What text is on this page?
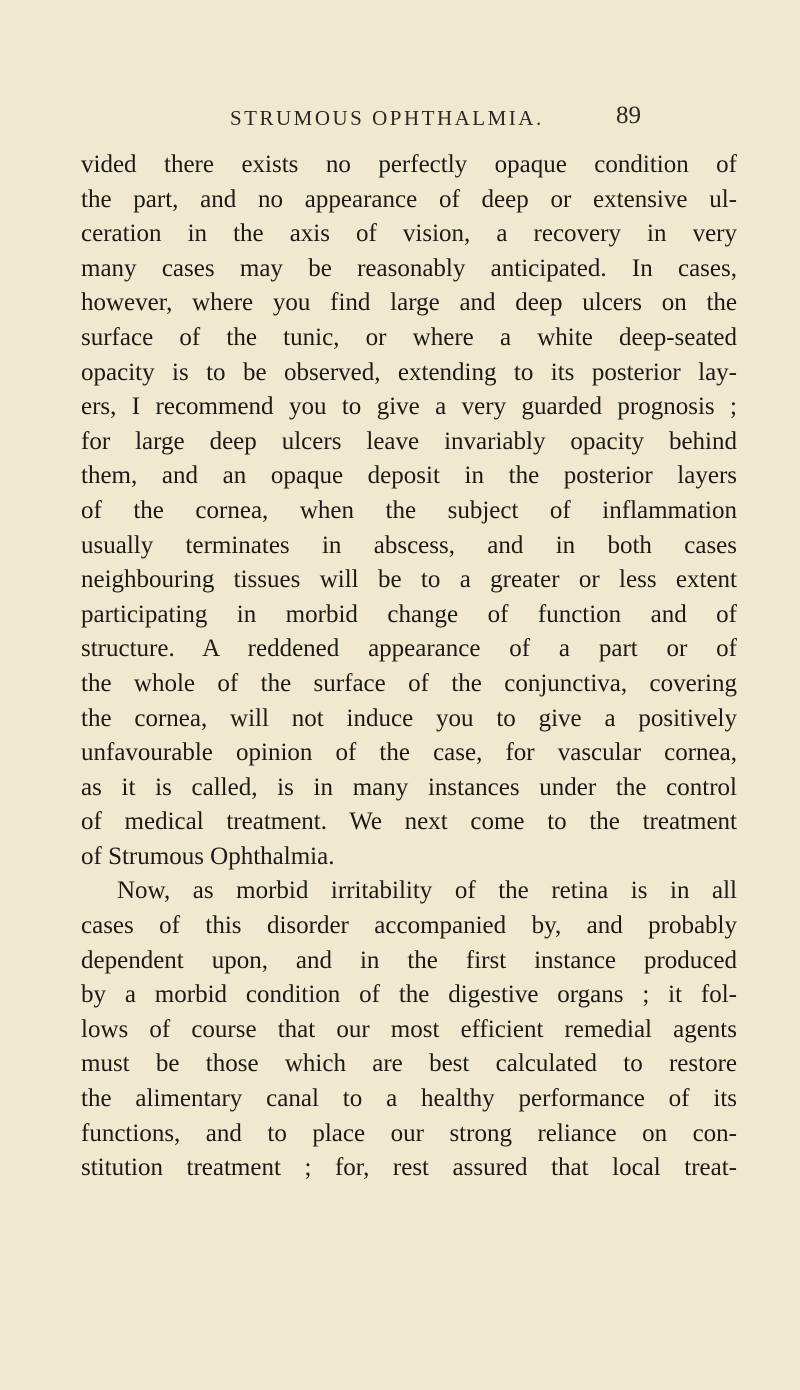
STRUMOUS OPHTHALMIA.	89
vided there exists no perfectly opaque condition of
the part, and no appearance of deep or extensive ul-
ceration in the axis of vision, a recovery in very
many cases may be reasonably anticipated. In cases,
however, where you find large and deep ulcers on the
surface of the tunic, or where a white deep-seated
opacity is to be observed, extending to its posterior lay-
ers, I recommend you to give a very guarded prognosis ;
for large deep ulcers leave invariably opacity behind
them, and an opaque deposit in the posterior layers
of the cornea, when the subject of inflammation
usually terminates in abscess, and in both cases
neighbouring tissues will be to a greater or less extent
participating in morbid change of function and of
structure. A reddened appearance of a part or of
the whole of the surface of the conjunctiva, covering
the cornea, will not induce you to give a positively
unfavourable opinion of the case, for vascular cornea,
as it is called, is in many instances under the control
of medical treatment. We next come to the treatment
of Strumous Ophthalmia.
Now, as morbid irritability of the retina is in all
cases of this disorder accompanied by, and probably
dependent upon, and in the first instance produced
by a morbid condition of the digestive organs ; it fol-
lows of course that our most efficient remedial agents
must be those which are best calculated to restore
the alimentary canal to a healthy performance of its
functions, and to place our strong reliance on con-
stitution treatment ; for, rest assured that local treat-
